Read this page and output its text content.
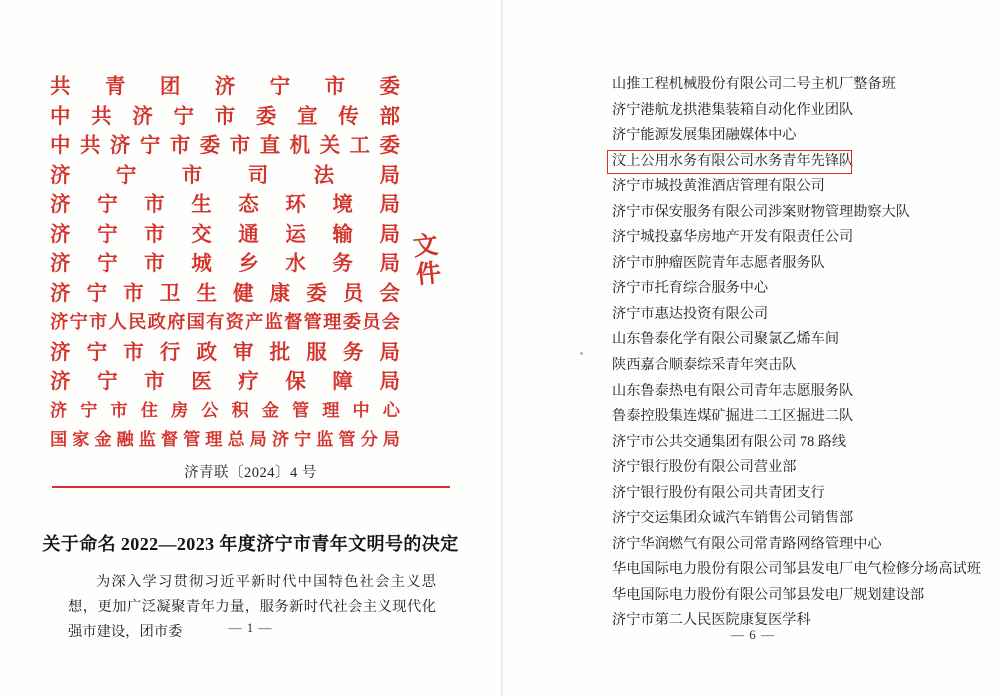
共 青 团 济 宁 市 委
中 共 济 宁 市 委 宣 传 部
中 共 济 宁 市 委 市 直 机 关 工 委
济 宁 市 司 法 局
济 宁 市 生 态 环 境 局
济 宁 市 交 通 运 输 局
济 宁 市 城 乡 水 务 局
济 宁 市 卫 生 健 康 委 员 会
济宁市人民政府国有资产监督管理委员会
济 宁 市 行 政 审 批 服 务 局
济 宁 市 医 疗 保 障 局
济 宁 市 住 房 公 积 金 管 理 中 心
国家金融监督管理总局济宁监管分局
文件
济青联〔2024〕4 号
关于命名 2022—2023 年度济宁市青年文明号的决定
为深入学习贯彻习近平新时代中国特色社会主义思想，更加广泛凝聚青年力量，服务新时代社会主义现代化强市建设，团市委	— 1 —
山推工程机械股份有限公司二号主机厂整备班
济宁港航龙拱港集装箱自动化作业团队
济宁能源发展集团融媒体中心
汶上公用水务有限公司水务青年先锋队
济宁市城投黄淮酒店管理有限公司
济宁市保安服务有限公司涉案财物管理勘察大队
济宁城投嘉华房地产开发有限责任公司
济宁市肿瘤医院青年志愿者服务队
济宁市托育综合服务中心
济宁市惠达投资有限公司
山东鲁泰化学有限公司聚氯乙烯车间
陕西嘉合顺泰综采青年突击队
山东鲁泰热电有限公司青年志愿服务队
鲁泰控股集连煤矿掘进二工区掘进二队
济宁市公共交通集团有限公司 78 路线
济宁银行股份有限公司营业部
济宁银行股份有限公司共青团支行
济宁交运集团众诚汽车销售公司销售部
济宁华润燃气有限公司常青路网络管理中心
华电国际电力股份有限公司邹县发电厂电气检修分场高试班
华电国际电力股份有限公司邹县发电厂规划建设部
济宁市第二人民医院康复医学科
— 6 —
